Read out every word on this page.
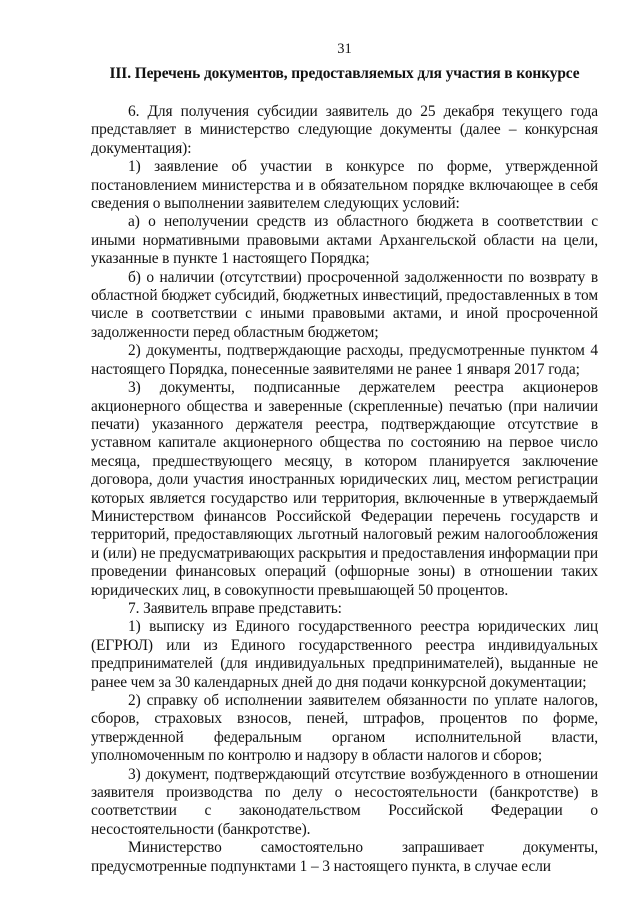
31
III. Перечень документов, предоставляемых для участия в конкурсе

6. Для получения субсидии заявитель до 25 декабря текущего года представляет в министерство следующие документы (далее – конкурсная документация):

1) заявление об участии в конкурсе по форме, утвержденной постановлением министерства и в обязательном порядке включающее в себя сведения о выполнении заявителем следующих условий:

а) о неполучении средств из областного бюджета в соответствии с иными нормативными правовыми актами Архангельской области на цели, указанные в пункте 1 настоящего Порядка;

б) о наличии (отсутствии) просроченной задолженности по возврату в областной бюджет субсидий, бюджетных инвестиций, предоставленных в том числе в соответствии с иными правовыми актами, и иной просроченной задолженности перед областным бюджетом;

2) документы, подтверждающие расходы, предусмотренные пунктом 4 настоящего Порядка, понесенные заявителями не ранее 1 января 2017 года;

3) документы, подписанные держателем реестра акционеров акционерного общества и заверенные (скрепленные) печатью (при наличии печати) указанного держателя реестра, подтверждающие отсутствие в уставном капитале акционерного общества по состоянию на первое число месяца, предшествующего месяцу, в котором планируется заключение договора, доли участия иностранных юридических лиц, местом регистрации которых является государство или территория, включенные в утверждаемый Министерством финансов Российской Федерации перечень государств и территорий, предоставляющих льготный налоговый режим налогообложения и (или) не предусматривающих раскрытия и предоставления информации при проведении финансовых операций (офшорные зоны) в отношении таких юридических лиц, в совокупности превышающей 50 процентов.

7. Заявитель вправе представить:

1) выписку из Единого государственного реестра юридических лиц (ЕГРЮЛ) или из Единого государственного реестра индивидуальных предпринимателей (для индивидуальных предпринимателей), выданные не ранее чем за 30 календарных дней до дня подачи конкурсной документации;

2) справку об исполнении заявителем обязанности по уплате налогов, сборов, страховых взносов, пеней, штрафов, процентов по форме, утвержденной федеральным органом исполнительной власти, уполномоченным по контролю и надзору в области налогов и сборов;

3) документ, подтверждающий отсутствие возбужденного в отношении заявителя производства по делу о несостоятельности (банкротстве) в соответствии с законодательством Российской Федерации о несостоятельности (банкротстве).

Министерство самостоятельно запрашивает документы, предусмотренные подпунктами 1 – 3 настоящего пункта, в случае если
